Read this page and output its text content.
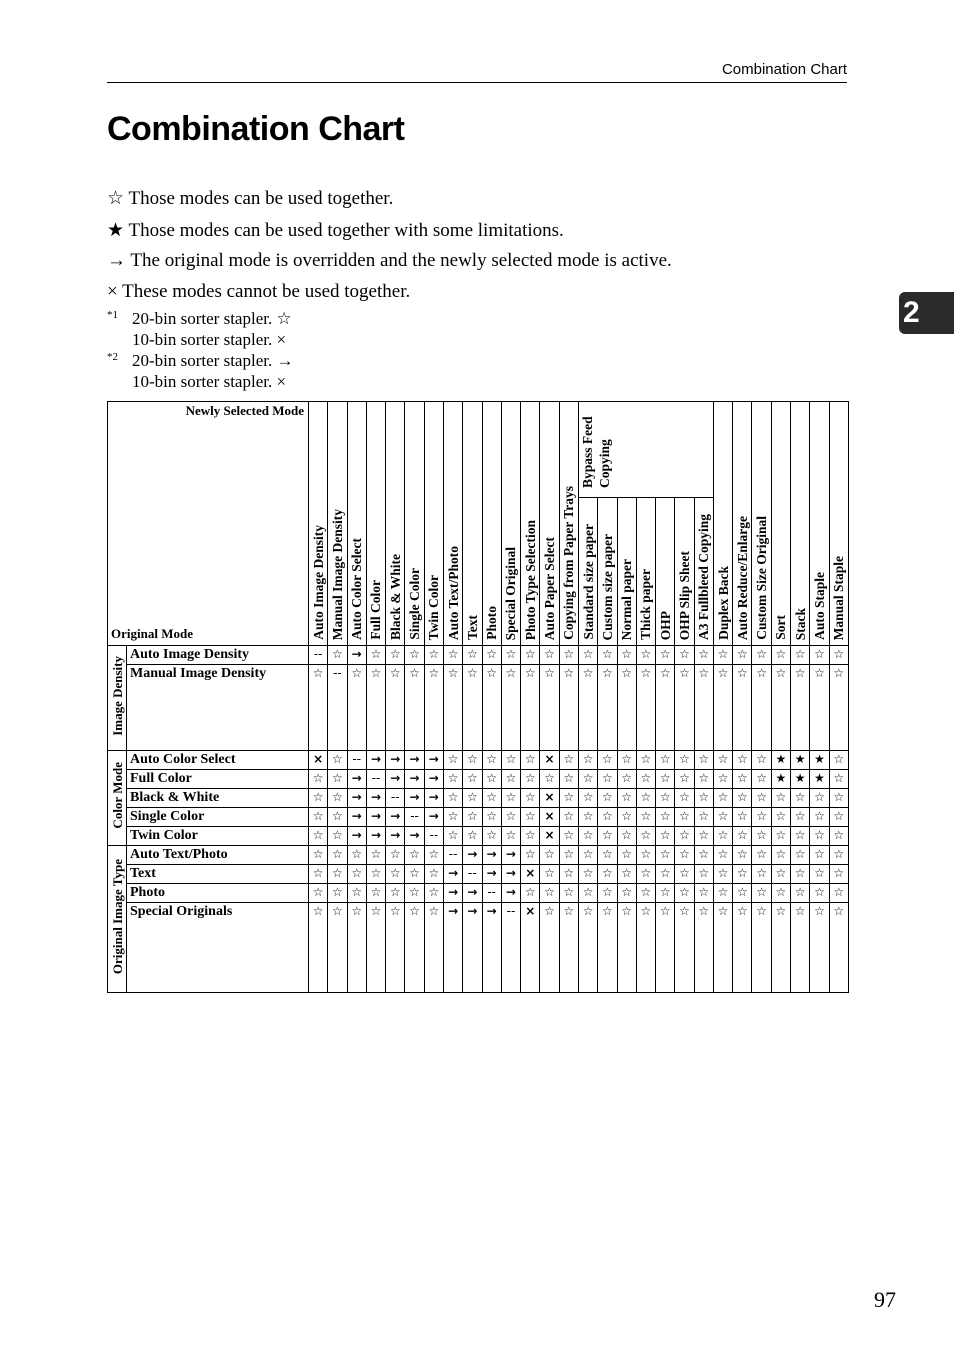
Combination Chart
Combination Chart
☆ Those modes can be used together.
★ Those modes can be used together with some limitations.
→ The original mode is overridden and the newly selected mode is active.
× These modes cannot be used together.
*1 20-bin sorter stapler. ☆
10-bin sorter stapler. ×
*2 20-bin sorter stapler. →
10-bin sorter stapler. ×
2
Newly Selected Mode
Original Mode		Auto Image Density	Manual Image Density	Auto Color Select	Full Color	Black & White	Single Color	Twin Color	Auto Text/Photo	Text	Photo	Special Original	Photo Type Selection	Auto Paper Select	Copying from Paper Trays	Bypass Feed Copying							Duplex Back	Auto Reduce/Enlarge	Custom Size Original	Sort	Stack	Auto Staple	Manual Staple
																Standard size paper	Custom size paper	Normal paper	Thick paper	OHP	OHP Slip Sheet	A3 Fullbleed Copying							
Image Density	Auto Image Density	--	☆	→	☆	☆	☆	☆	☆	☆	☆	☆	☆	☆	☆	☆	☆	☆	☆	☆	☆	☆	☆	☆	☆	☆	☆	☆	☆
	Manual Image Density	☆	--	☆	☆	☆	☆	☆	☆	☆	☆	☆	☆	☆	☆	☆	☆	☆	☆	☆	☆	☆	☆	☆	☆	☆	☆	☆	☆
Color Mode	Auto Color Select	×	☆	--	→	→	→	→	☆	☆	☆	☆	☆	×	☆	☆	☆	☆	☆	☆	☆	☆	☆	☆	☆	★	★	★	☆
	Full Color	☆	☆	→	--	→	→	→	☆	☆	☆	☆	☆	☆	☆	☆	☆	☆	☆	☆	☆	☆	☆	☆	☆	★	★	★	☆
	Black & White	☆	☆	→	→	--	→	→	☆	☆	☆	☆	☆	×	☆	☆	☆	☆	☆	☆	☆	☆	☆	☆	☆	☆	☆	☆	☆
	Single Color	☆	☆	→	→	→	--	→	☆	☆	☆	☆	☆	×	☆	☆	☆	☆	☆	☆	☆	☆	☆	☆	☆	☆	☆	☆	☆
	Twin Color	☆	☆	→	→	→	→	--	☆	☆	☆	☆	☆	×	☆	☆	☆	☆	☆	☆	☆	☆	☆	☆	☆	☆	☆	☆	☆
Original Image Type	Auto Text/Photo	☆	☆	☆	☆	☆	☆	☆	--	→	→	→	☆	☆	☆	☆	☆	☆	☆	☆	☆	☆	☆	☆	☆	☆	☆	☆	☆
	Text	☆	☆	☆	☆	☆	☆	☆	→	--	→	→	×	☆	☆	☆	☆	☆	☆	☆	☆	☆	☆	☆	☆	☆	☆	☆	☆
	Photo	☆	☆	☆	☆	☆	☆	☆	→	→	--	→	☆	☆	☆	☆	☆	☆	☆	☆	☆	☆	☆	☆	☆	☆	☆	☆	☆
	Special Originals	☆	☆	☆	☆	☆	☆	☆	→	→	→	--	×	☆	☆	☆	☆	☆	☆	☆	☆	☆	☆	☆	☆	☆	☆	☆	☆
97
